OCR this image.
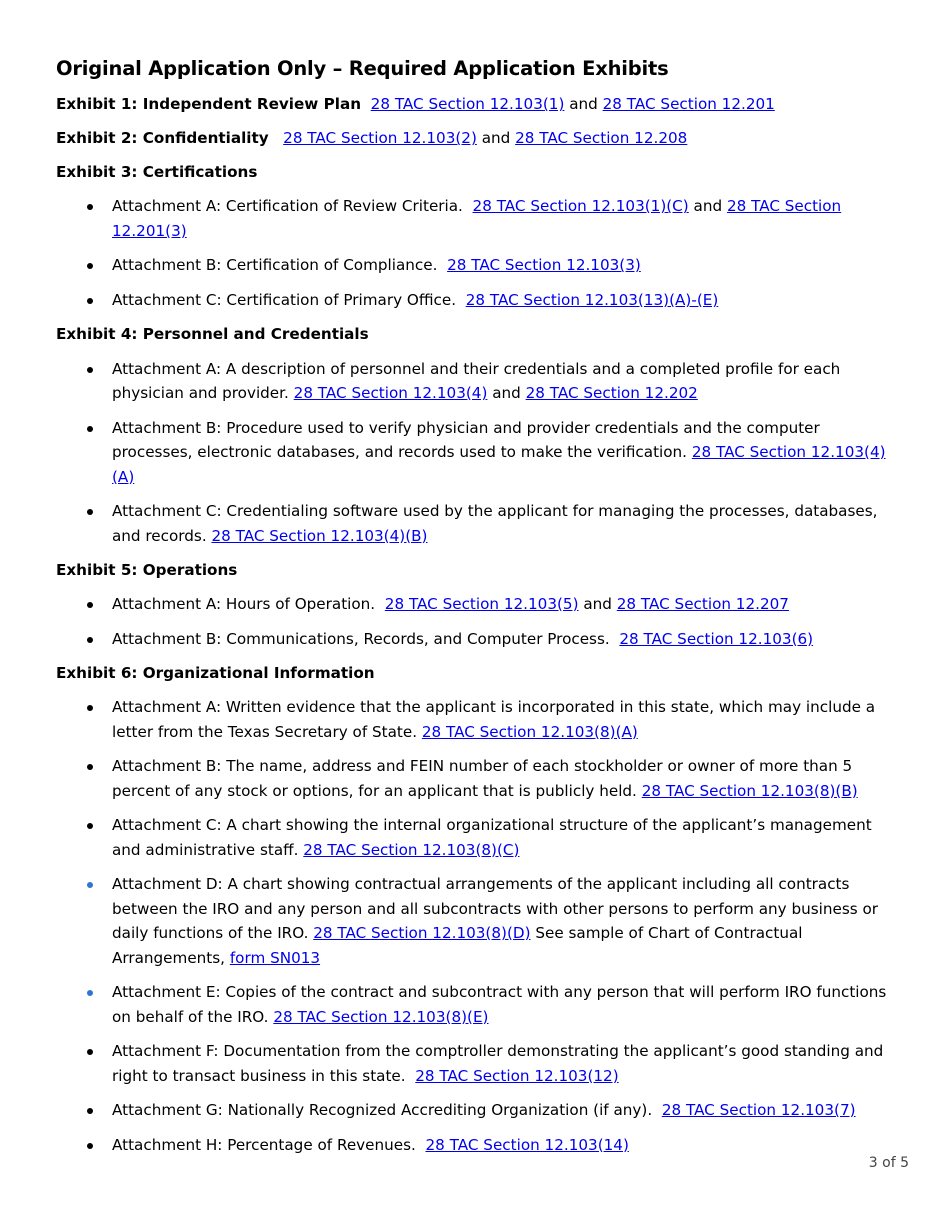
Original Application Only – Required Application Exhibits

Exhibit 1: Independent Review Plan 28 TAC Section 12.103(1) and 28 TAC Section 12.201

Exhibit 2: Confidentiality 28 TAC Section 12.103(2) and 28 TAC Section 12.208

Exhibit 3: Certifications

Attachment A: Certification of Review Criteria. 28 TAC Section 12.103(1)(C) and 28 TAC Section 12.201(3)
Attachment B: Certification of Compliance. 28 TAC Section 12.103(3)
Attachment C: Certification of Primary Office. 28 TAC Section 12.103(13)(A)-(E)

Exhibit 4: Personnel and Credentials

Attachment A: A description of personnel and their credentials and a completed profile for each physician and provider. 28 TAC Section 12.103(4) and 28 TAC Section 12.202
Attachment B: Procedure used to verify physician and provider credentials and the computer processes, electronic databases, and records used to make the verification. 28 TAC Section 12.103(4)(A)
Attachment C: Credentialing software used by the applicant for managing the processes, databases, and records. 28 TAC Section 12.103(4)(B)

Exhibit 5: Operations

Attachment A: Hours of Operation. 28 TAC Section 12.103(5) and 28 TAC Section 12.207
Attachment B: Communications, Records, and Computer Process. 28 TAC Section 12.103(6)

Exhibit 6: Organizational Information

Attachment A: Written evidence that the applicant is incorporated in this state, which may include a letter from the Texas Secretary of State. 28 TAC Section 12.103(8)(A)
Attachment B: The name, address and FEIN number of each stockholder or owner of more than 5 percent of any stock or options, for an applicant that is publicly held. 28 TAC Section 12.103(8)(B)
Attachment C: A chart showing the internal organizational structure of the applicant’s management and administrative staff. 28 TAC Section 12.103(8)(C)
Attachment D: A chart showing contractual arrangements of the applicant including all contracts between the IRO and any person and all subcontracts with other persons to perform any business or daily functions of the IRO. 28 TAC Section 12.103(8)(D) See sample of Chart of Contractual Arrangements, form SN013
Attachment E: Copies of the contract and subcontract with any person that will perform IRO functions on behalf of the IRO. 28 TAC Section 12.103(8)(E)
Attachment F: Documentation from the comptroller demonstrating the applicant’s good standing and right to transact business in this state. 28 TAC Section 12.103(12)
Attachment G: Nationally Recognized Accrediting Organization (if any). 28 TAC Section 12.103(7)
Attachment H: Percentage of Revenues. 28 TAC Section 12.103(14)
3 of 5
